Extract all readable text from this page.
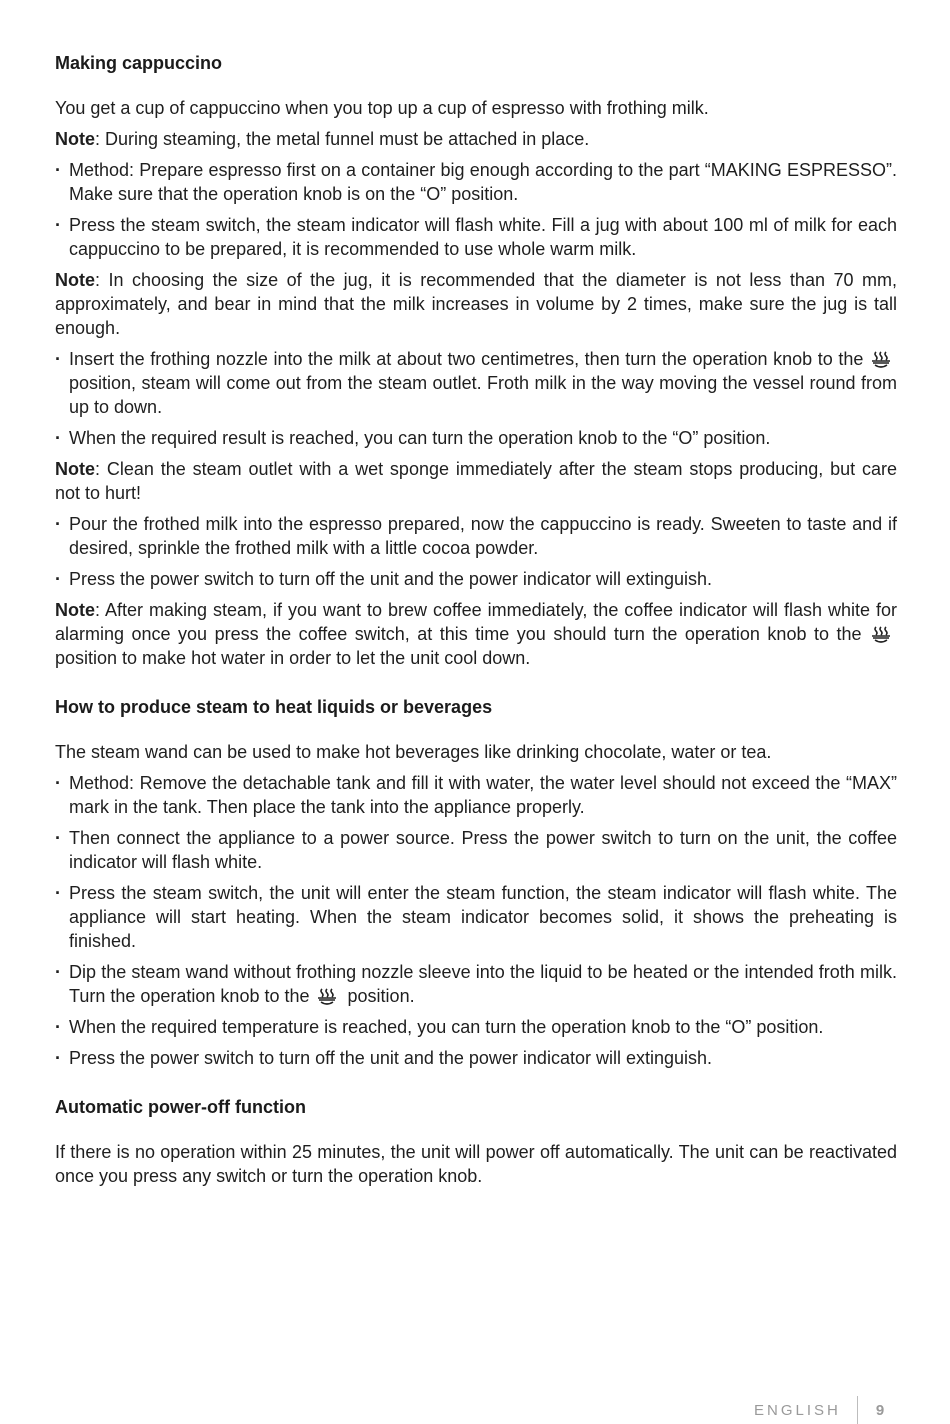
Making cappuccino

You get a cup of cappuccino when you top up a cup of espresso with frothing milk.

Note: During steaming, the metal funnel must be attached in place.

· Method: Prepare espresso first on a container big enough according to the part “MAKING ESPRESSO”. Make sure that the operation knob is on the “O” position.
· Press the steam switch, the steam indicator will flash white. Fill a jug with about 100 ml of milk for each cappuccino to be prepared, it is recommended to use whole warm milk.

Note: In choosing the size of the jug, it is recommended that the diameter is not less than 70 mm, approximately, and bear in mind that the milk increases in volume by 2 times, make sure the jug is tall enough.

· Insert the frothing nozzle into the milk at about two centimetres, then turn the operation knob to the  position, steam will come out from the steam outlet. Froth milk in the way moving the vessel round from up to down.
· When the required result is reached, you can turn the operation knob to the “O” position.

Note: Clean the steam outlet with a wet sponge immediately after the steam stops producing, but care not to hurt!

· Pour the frothed milk into the espresso prepared, now the cappuccino is ready. Sweeten to taste and if desired, sprinkle the frothed milk with a little cocoa powder.
· Press the power switch to turn off the unit and the power indicator will extinguish.

Note: After making steam, if you want to brew coffee immediately, the coffee indicator will flash white for alarming once you press the coffee switch, at this time you should turn the operation knob to the  position to make hot water in order to let the unit cool down.

How to produce steam to heat liquids or beverages

The steam wand can be used to make hot beverages like drinking chocolate, water or tea.

· Method: Remove the detachable tank and fill it with water, the water level should not exceed the “MAX” mark in the tank. Then place the tank into the appliance properly.
· Then connect the appliance to a power source. Press the power switch to turn on the unit, the coffee indicator will flash white.
· Press the steam switch, the unit will enter the steam function, the steam indicator will flash white. The appliance will start heating. When the steam indicator becomes solid, it shows the preheating is finished.
· Dip the steam wand without frothing nozzle sleeve into the liquid to be heated or the intended froth milk. Turn the operation knob to the position.
· When the required temperature is reached, you can turn the operation knob to the “O” position.
· Press the power switch to turn off the unit and the power indicator will extinguish.
Automatic power-off function

If there is no operation within 25 minutes, the unit will power off automatically. The unit can be reactivated once you press any switch or turn the operation knob.

ENGLISH 9
